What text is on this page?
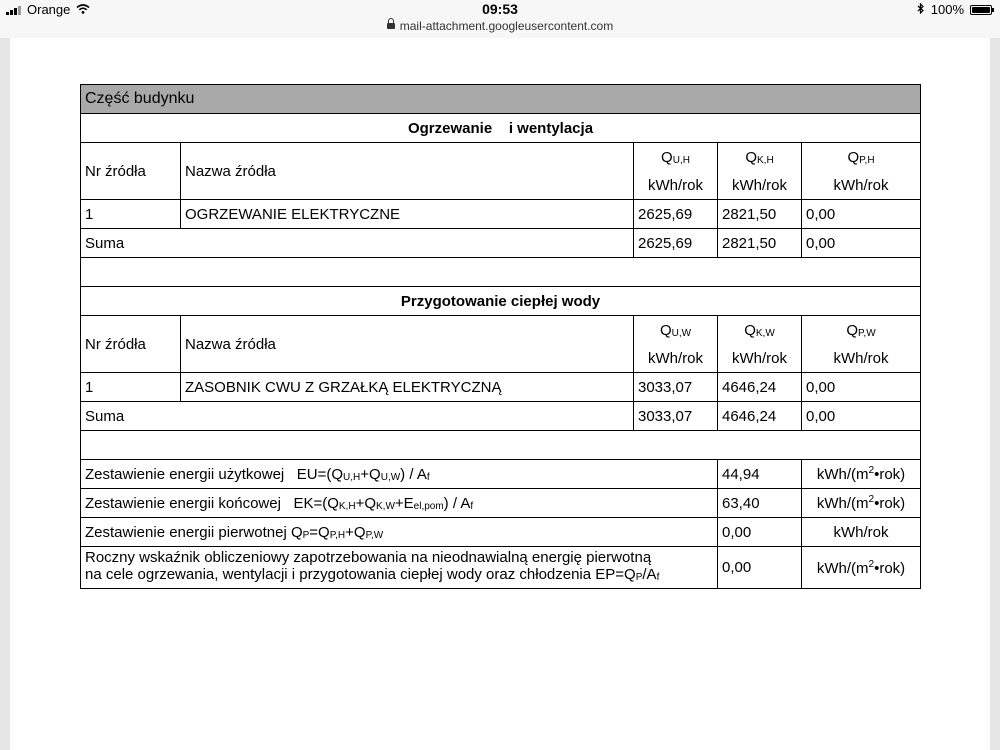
Orange	09:53	100%
mail-attachment.googleusercontent.com
Część budynku				
Ogrzewanie    i wentylacja				
Nr źródła	Nazwa źródła	$Q_{U,H}$	$Q_{K,H}$	$Q_{P,H}$
		kWh/rok	kWh/rok	kWh/rok
1	OGRZEWANIE ELEKTRYCZNE	2625,69	2821,50	0,00
Suma		2625,69	2821,50	0,00

Przygotowanie ciepłej wody				
Nr źródła	Nazwa źródła	$Q_{U,W}$	$Q_{K,W}$	$Q_{P,W}$
		kWh/rok	kWh/rok	kWh/rok
1	ZASOBNIK CWU Z GRZAŁKĄ ELEKTRYCZNĄ	3033,07	4646,24	0,00
Suma		3033,07	4646,24	0,00

Zestawienie energii użytkowej $EU=(Q_{U,H}+Q_{U,W}) / A_f$			44,94	kWh/$(m^2•rok)$
Zestawienie energii końcowej $EK=(Q_{K,H}+Q_{K,W}+E_{el,pom}) / A_f$			63,40	kWh/$(m^2•rok)$
Zestawienie energii pierwotnej $Q_P=Q_{P,H}+Q_{P,W}$			0,00	kWh/rok
Roczny wskaźnik obliczeniowy zapotrzebowania na nieodnawialną energię pierwotną
na cele ogrzewania, wentylacji i przygotowania ciepłej wody oraz chłodzenia $EP=Q_P/A_f$			0,00	kWh/$(m^2•rok)$
